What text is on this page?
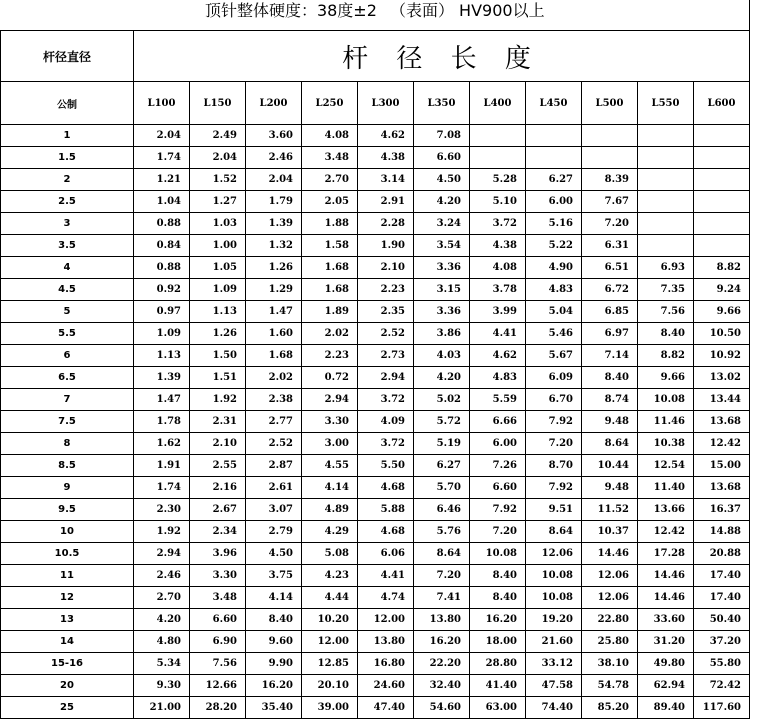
顶针整体硬度：38度±2 　（表面） HV900以上											
杆径直径	杆 径 长 度										
公制	L100	L150	L200	L250	L300	L350	L400	L450	L500	L550	L600
1	2.04	2.49	3.60	4.08	4.62	7.08					
1.5	1.74	2.04	2.46	3.48	4.38	6.60					
2	1.21	1.52	2.04	2.70	3.14	4.50	5.28	6.27	8.39		
2.5	1.04	1.27	1.79	2.05	2.91	4.20	5.10	6.00	7.67		
3	0.88	1.03	1.39	1.88	2.28	3.24	3.72	5.16	7.20		
3.5	0.84	1.00	1.32	1.58	1.90	3.54	4.38	5.22	6.31		
4	0.88	1.05	1.26	1.68	2.10	3.36	4.08	4.90	6.51	6.93	8.82
4.5	0.92	1.09	1.29	1.68	2.23	3.15	3.78	4.83	6.72	7.35	9.24
5	0.97	1.13	1.47	1.89	2.35	3.36	3.99	5.04	6.85	7.56	9.66
5.5	1.09	1.26	1.60	2.02	2.52	3.86	4.41	5.46	6.97	8.40	10.50
6	1.13	1.50	1.68	2.23	2.73	4.03	4.62	5.67	7.14	8.82	10.92
6.5	1.39	1.51	2.02	0.72	2.94	4.20	4.83	6.09	8.40	9.66	13.02
7	1.47	1.92	2.38	2.94	3.72	5.02	5.59	6.70	8.74	10.08	13.44
7.5	1.78	2.31	2.77	3.30	4.09	5.72	6.66	7.92	9.48	11.46	13.68
8	1.62	2.10	2.52	3.00	3.72	5.19	6.00	7.20	8.64	10.38	12.42
8.5	1.91	2.55	2.87	4.55	5.50	6.27	7.26	8.70	10.44	12.54	15.00
9	1.74	2.16	2.61	4.14	4.68	5.70	6.60	7.92	9.48	11.40	13.68
9.5	2.30	2.67	3.07	4.89	5.88	6.46	7.92	9.51	11.52	13.66	16.37
10	1.92	2.34	2.79	4.29	4.68	5.76	7.20	8.64	10.37	12.42	14.88
10.5	2.94	3.96	4.50	5.08	6.06	8.64	10.08	12.06	14.46	17.28	20.88
11	2.46	3.30	3.75	4.23	4.41	7.20	8.40	10.08	12.06	14.46	17.40
12	2.70	3.48	4.14	4.44	4.74	7.41	8.40	10.08	12.06	14.46	17.40
13	4.20	6.60	8.40	10.20	12.00	13.80	16.20	19.20	22.80	33.60	50.40
14	4.80	6.90	9.60	12.00	13.80	16.20	18.00	21.60	25.80	31.20	37.20
15-16	5.34	7.56	9.90	12.85	16.80	22.20	28.80	33.12	38.10	49.80	55.80
20	9.30	12.66	16.20	20.10	24.60	32.40	41.40	47.58	54.78	62.94	72.42
25	21.00	28.20	35.40	39.00	47.40	54.60	63.00	74.40	85.20	89.40	117.60
